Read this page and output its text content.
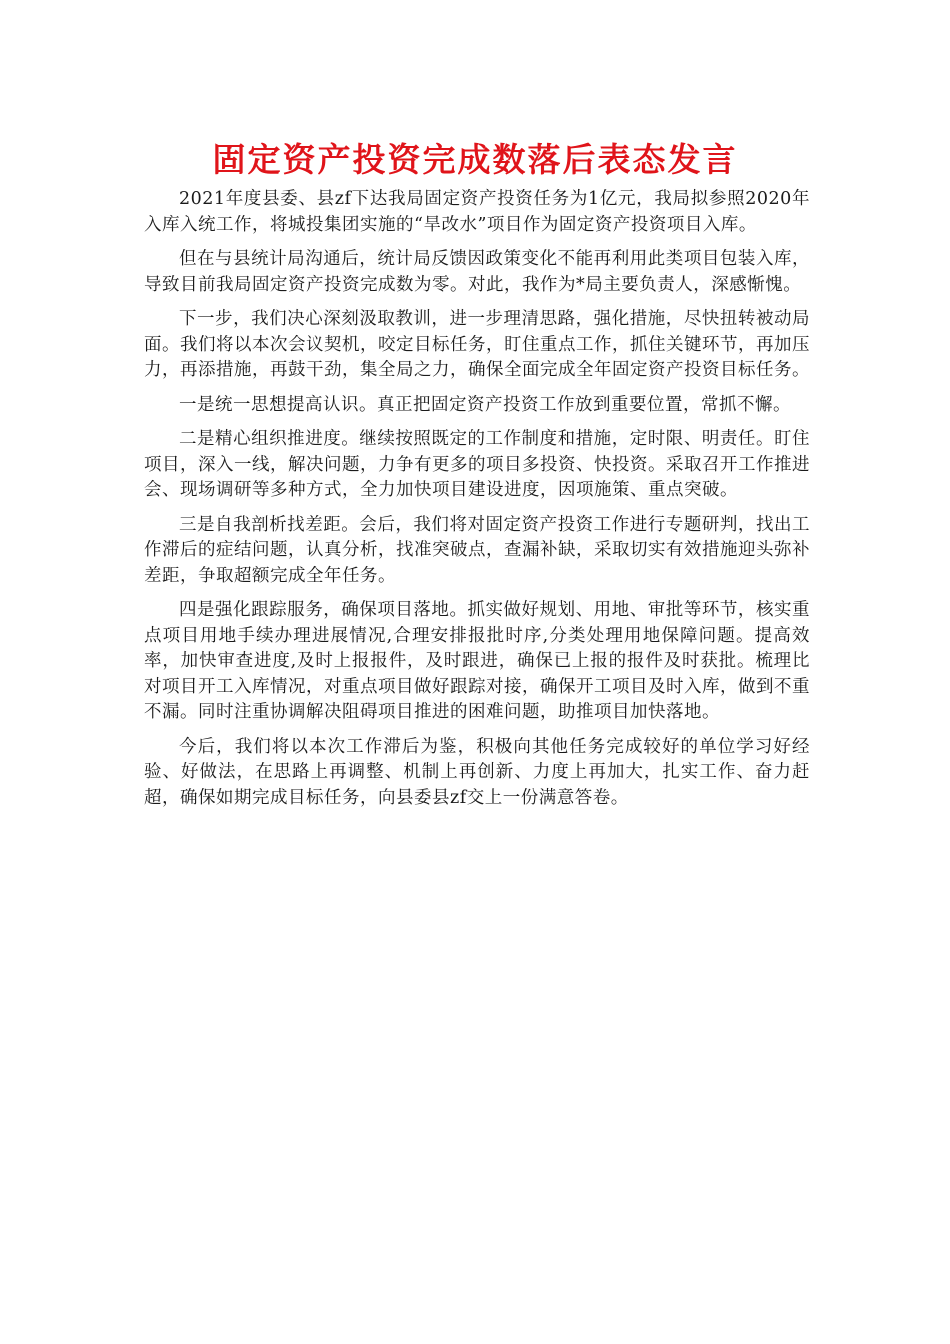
固定资产投资完成数落后表态发言

2021年度县委、县zf下达我局固定资产投资任务为1亿元，我局拟参照2020年入库入统工作，将城投集团实施的“旱改水”项目作为固定资产投资项目入库。

但在与县统计局沟通后，统计局反馈因政策变化不能再利用此类项目包装入库，导致目前我局固定资产投资完成数为零。对此，我作为*局主要负责人，深感惭愧。

下一步，我们决心深刻汲取教训，进一步理清思路，强化措施，尽快扭转被动局面。我们将以本次会议契机，咬定目标任务，盯住重点工作，抓住关键环节，再加压力，再添措施，再鼓干劲，集全局之力，确保全面完成全年固定资产投资目标任务。

一是统一思想提高认识。真正把固定资产投资工作放到重要位置，常抓不懈。

二是精心组织推进度。继续按照既定的工作制度和措施，定时限、明责任。盯住项目，深入一线，解决问题，力争有更多的项目多投资、快投资。采取召开工作推进会、现场调研等多种方式，全力加快项目建设进度，因项施策、重点突破。

三是自我剖析找差距。会后，我们将对固定资产投资工作进行专题研判，找出工作滞后的症结问题，认真分析，找准突破点，查漏补缺，采取切实有效措施迎头弥补差距，争取超额完成全年任务。

四是强化跟踪服务，确保项目落地。抓实做好规划、用地、审批等环节，核实重点项目用地手续办理进展情况,合理安排报批时序,分类处理用地保障问题。提高效率，加快审查进度,及时上报报件，及时跟进，确保已上报的报件及时获批。梳理比对项目开工入库情况，对重点项目做好跟踪对接，确保开工项目及时入库，做到不重不漏。同时注重协调解决阻碍项目推进的困难问题，助推项目加快落地。

今后，我们将以本次工作滞后为鉴，积极向其他任务完成较好的单位学习好经验、好做法，在思路上再调整、机制上再创新、力度上再加大，扎实工作、奋力赶超，确保如期完成目标任务，向县委县zf交上一份满意答卷。
